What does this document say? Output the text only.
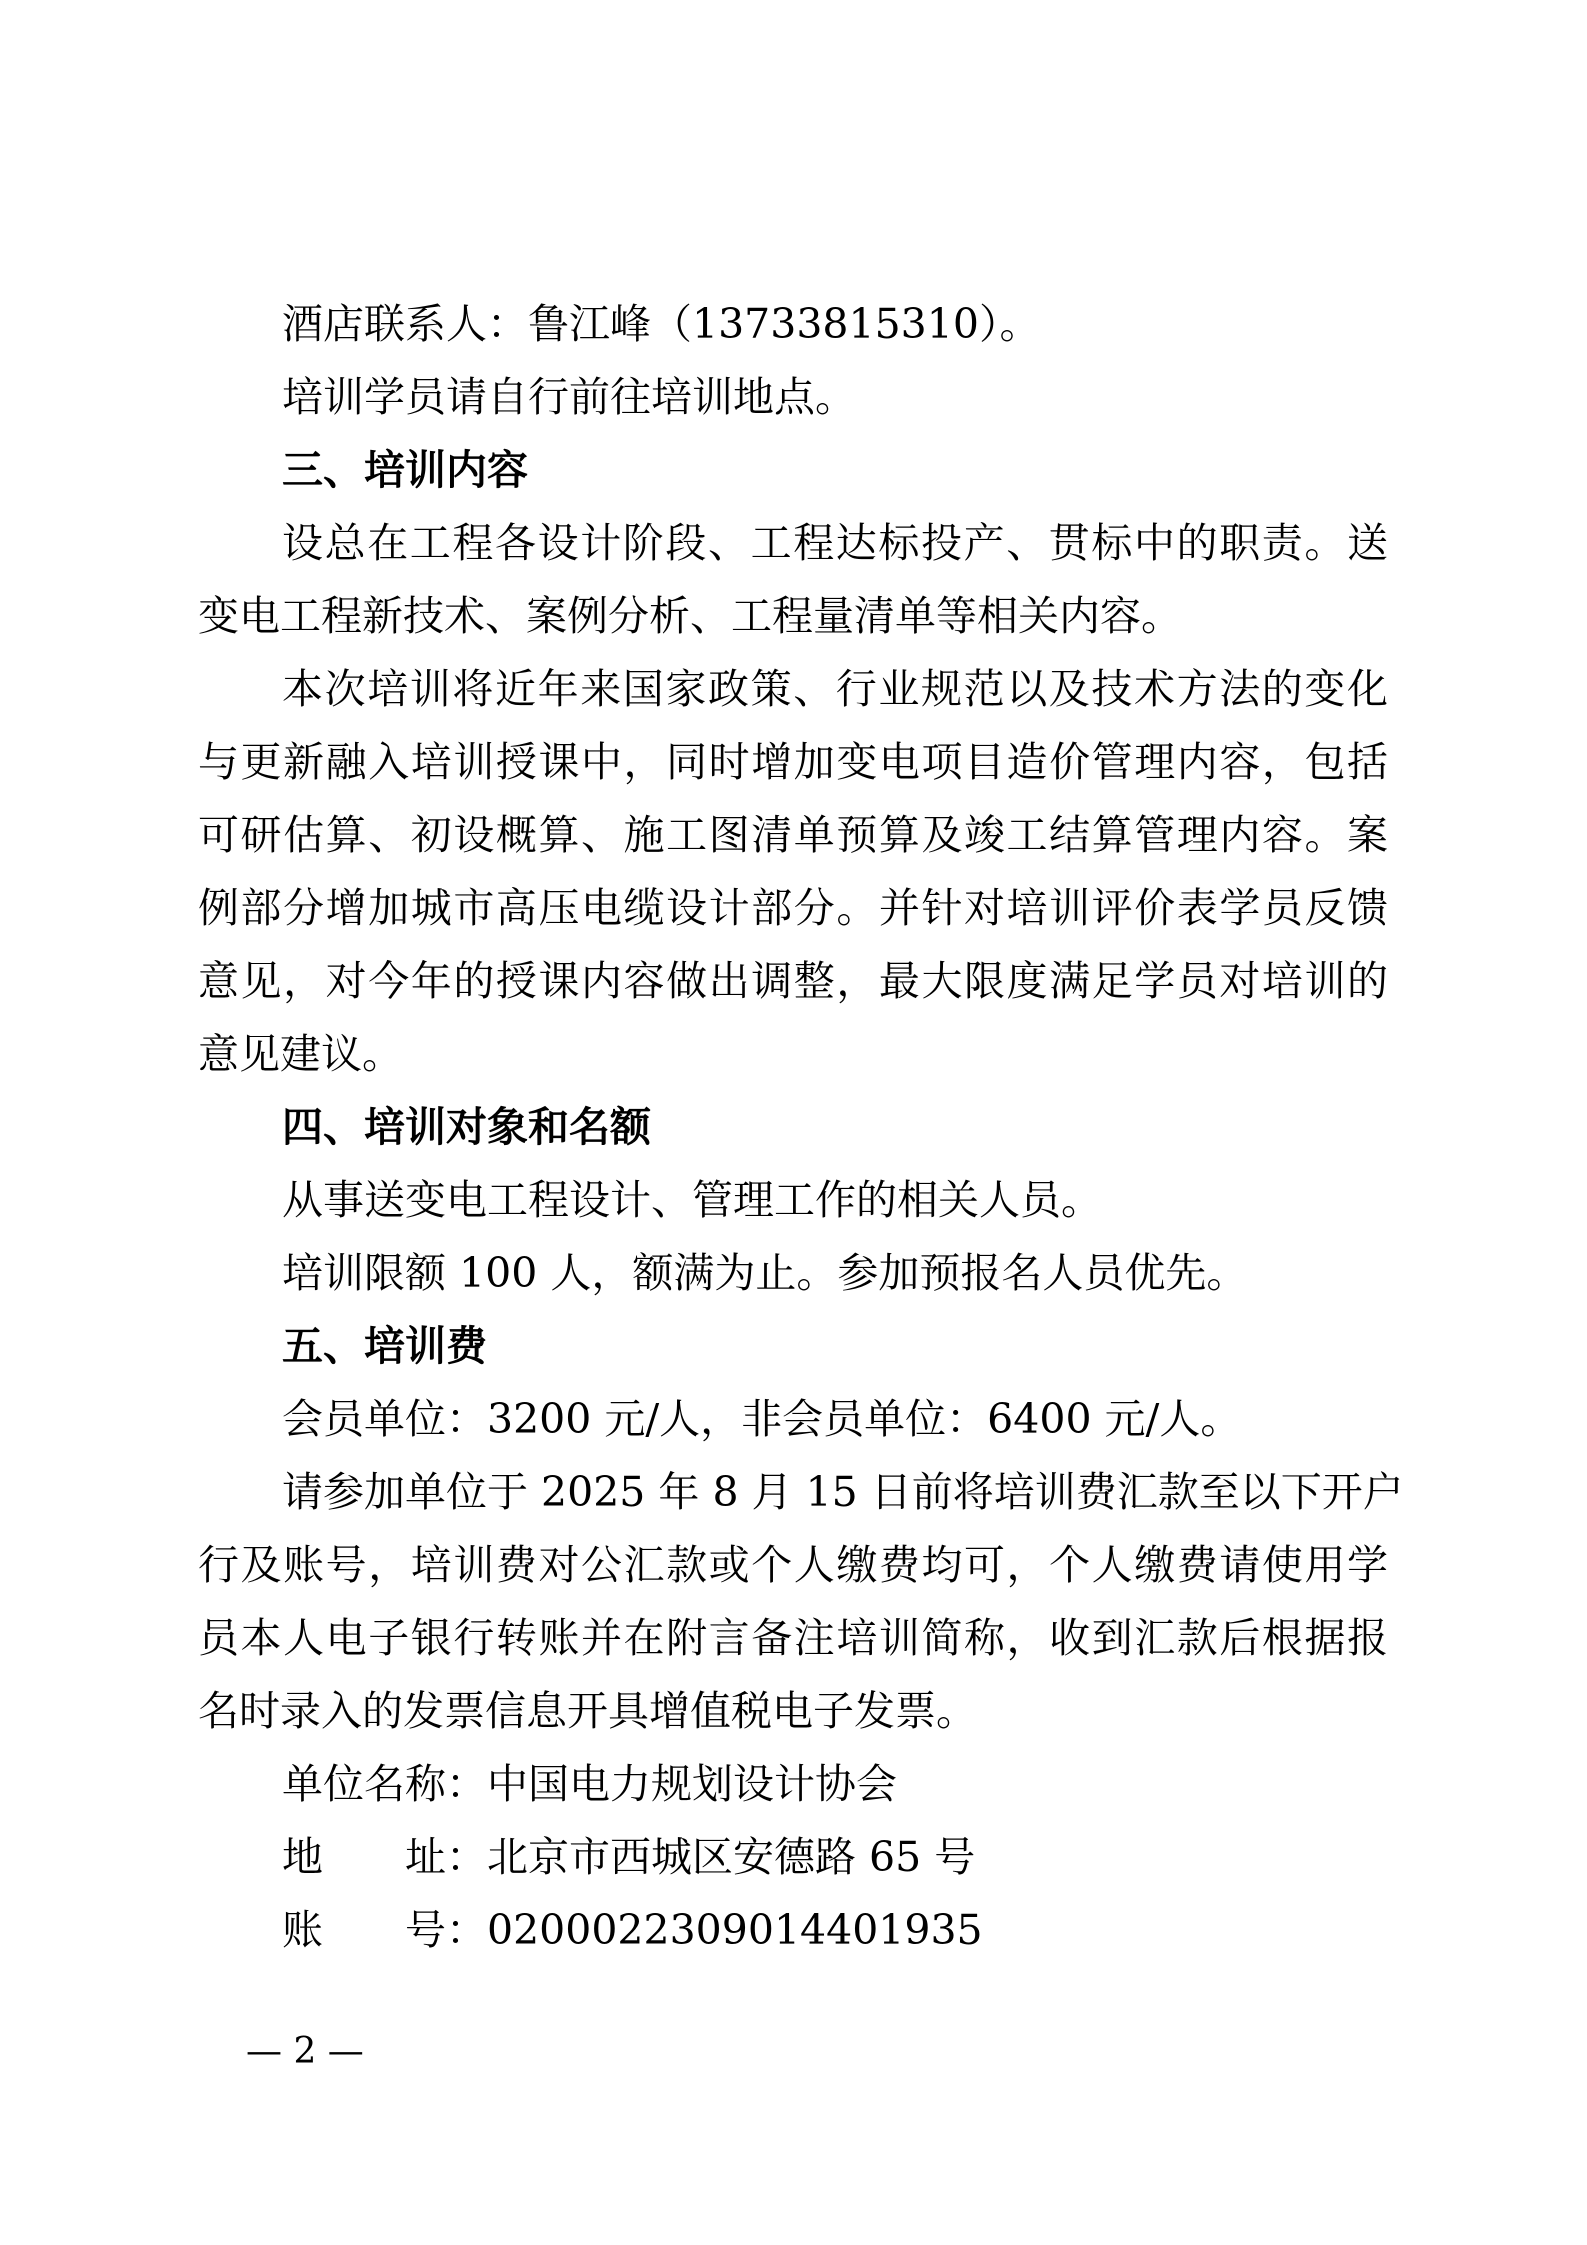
酒店联系人：鲁江峰（13733815310）。
培训学员请自行前往培训地点。
三、培训内容
设总在工程各设计阶段、工程达标投产、贯标中的职责。送
变电工程新技术、案例分析、工程量清单等相关内容。
本次培训将近年来国家政策、行业规范以及技术方法的变化
与更新融入培训授课中，同时增加变电项目造价管理内容，包括
可研估算、初设概算、施工图清单预算及竣工结算管理内容。案
例部分增加城市高压电缆设计部分。并针对培训评价表学员反馈
意见，对今年的授课内容做出调整，最大限度满足学员对培训的
意见建议。
四、培训对象和名额
从事送变电工程设计、管理工作的相关人员。
培训限额 100 人，额满为止。参加预报名人员优先。
五、培训费
会员单位：3200 元/人，非会员单位：6400 元/人。
请参加单位于 2025 年 8 月 15 日前将培训费汇款至以下开户
行及账号，培训费对公汇款或个人缴费均可，个人缴费请使用学
员本人电子银行转账并在附言备注培训简称，收到汇款后根据报
名时录入的发票信息开具增值税电子发票。
单位名称：中国电力规划设计协会
地　　址：北京市西城区安德路 65 号
账　　号：0200022309014401935
— 2 —
